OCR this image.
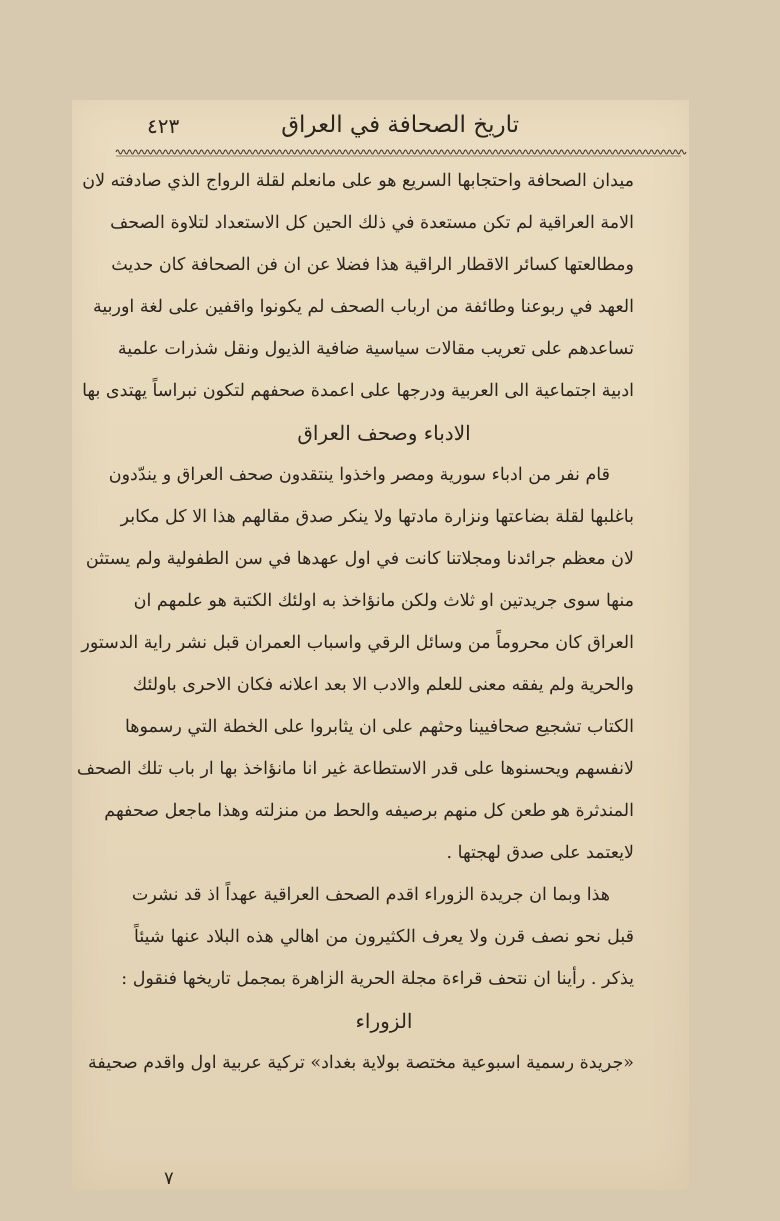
تاريخ الصحافة في العراق
٤٢٣
ميدان الصحافة واحتجابها السريع هو على مانعلم لقلة الرواج الذي صادفته لان
الامة العراقية لم تكن مستعدة في ذلك الحين كل الاستعداد لتلاوة الصحف
ومطالعتها كسائر الاقطار الراقية هذا فضلا عن ان فن الصحافة كان حديث
العهد في ربوعنا وطائفة من ارباب الصحف لم يكونوا واقفين على لغة اوربية
تساعدهم على تعريب مقالات سياسية ضافية الذيول ونقل شذرات علمية
ادبية اجتماعية الى العربية ودرجها على اعمدة صحفهم لتكون نبراساً يهتدى بها
الادباء وصحف العراق
قام نفر من ادباء سورية ومصر واخذوا ينتقدون صحف العراق و يندّدون
باغلبها لقلة بضاعتها ونزارة مادتها ولا ينكر صدق مقالهم هذا الا كل مكابر
لان معظم جرائدنا ومجلاتنا كانت في اول عهدها في سن الطفولية ولم يستثن
منها سوى جريدتين او ثلاث ولكن مانؤاخذ به اولئك الكتبة هو علمهم ان
العراق كان محروماً من وسائل الرقي واسباب العمران قبل نشر راية الدستور
والحرية ولم يفقه معنى للعلم والادب الا بعد اعلانه فكان الاحرى باولئك
الكتاب تشجيع صحافيينا وحثهم على ان يثابروا على الخطة التي رسموها
لانفسهم ويحسنوها على قدر الاستطاعة غير انا مانؤاخذ بها ار باب تلك الصحف
المندثرة هو طعن كل منهم برصيفه والحط من منزلته وهذا ماجعل صحفهم
لايعتمد على صدق لهجتها .
هذا وبما ان جريدة الزوراء اقدم الصحف العراقية عهداً اذ قد نشرت
قبل نحو نصف قرن ولا يعرف الكثيرون من اهالي هذه البلاد عنها شيئاً
يذكر . رأينا ان نتحف قراءة مجلة الحرية الزاهرة بمجمل تاريخها فنقول :
الزوراء
«جريدة رسمية اسبوعية مختصة بولاية بغداد» تركية عربية اول واقدم صحيفة
٧
